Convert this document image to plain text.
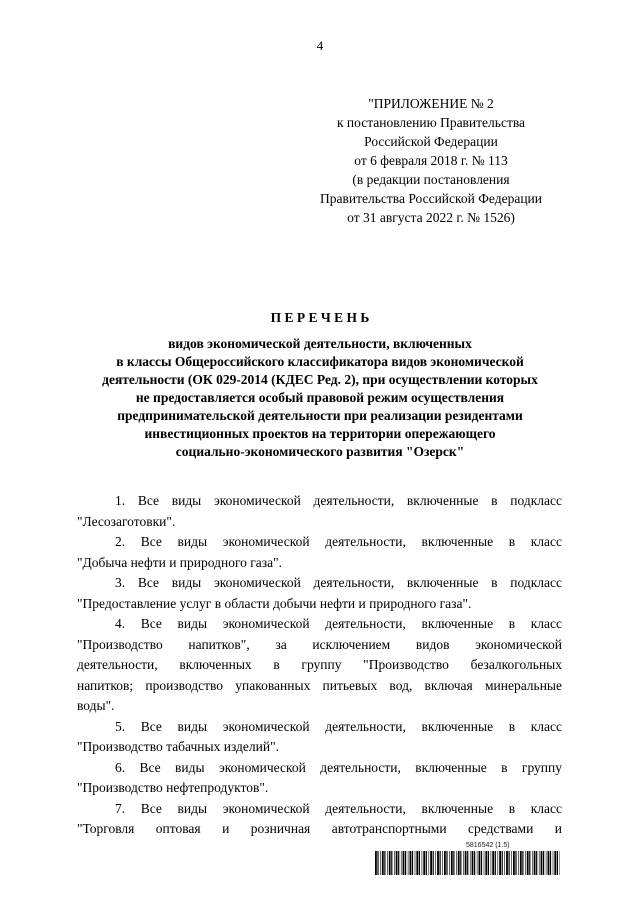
4
"ПРИЛОЖЕНИЕ № 2
к постановлению Правительства
Российской Федерации
от 6 февраля 2018 г. № 113
(в редакции постановления
Правительства Российской Федерации
от 31 августа 2022 г. № 1526)
П Е Р Е Ч Е Н Ь
видов экономической деятельности, включенных
в классы Общероссийского классификатора видов экономической
деятельности (ОК 029-2014 (КДЕС Ред. 2), при осуществлении которых
не предоставляется особый правовой режим осуществления
предпринимательской деятельности при реализации резидентами
инвестиционных проектов на территории опережающего
социально-экономического развития "Озерск"
1. Все виды экономической деятельности, включенные в подкласс
"Лесозаготовки".
2. Все виды экономической деятельности, включенные в класс
"Добыча нефти и природного газа".
3. Все виды экономической деятельности, включенные в подкласс
"Предоставление услуг в области добычи нефти и природного газа".
4. Все виды экономической деятельности, включенные в класс
"Производство напитков", за исключением видов экономической
деятельности, включенных в группу "Производство безалкогольных
напитков; производство упакованных питьевых вод, включая минеральные
воды".
5. Все виды экономической деятельности, включенные в класс
"Производство табачных изделий".
6. Все виды экономической деятельности, включенные в группу
"Производство нефтепродуктов".
7. Все виды экономической деятельности, включенные в класс
"Торговля оптовая и розничная автотранспортными средствами и
5816542 (1.5)
